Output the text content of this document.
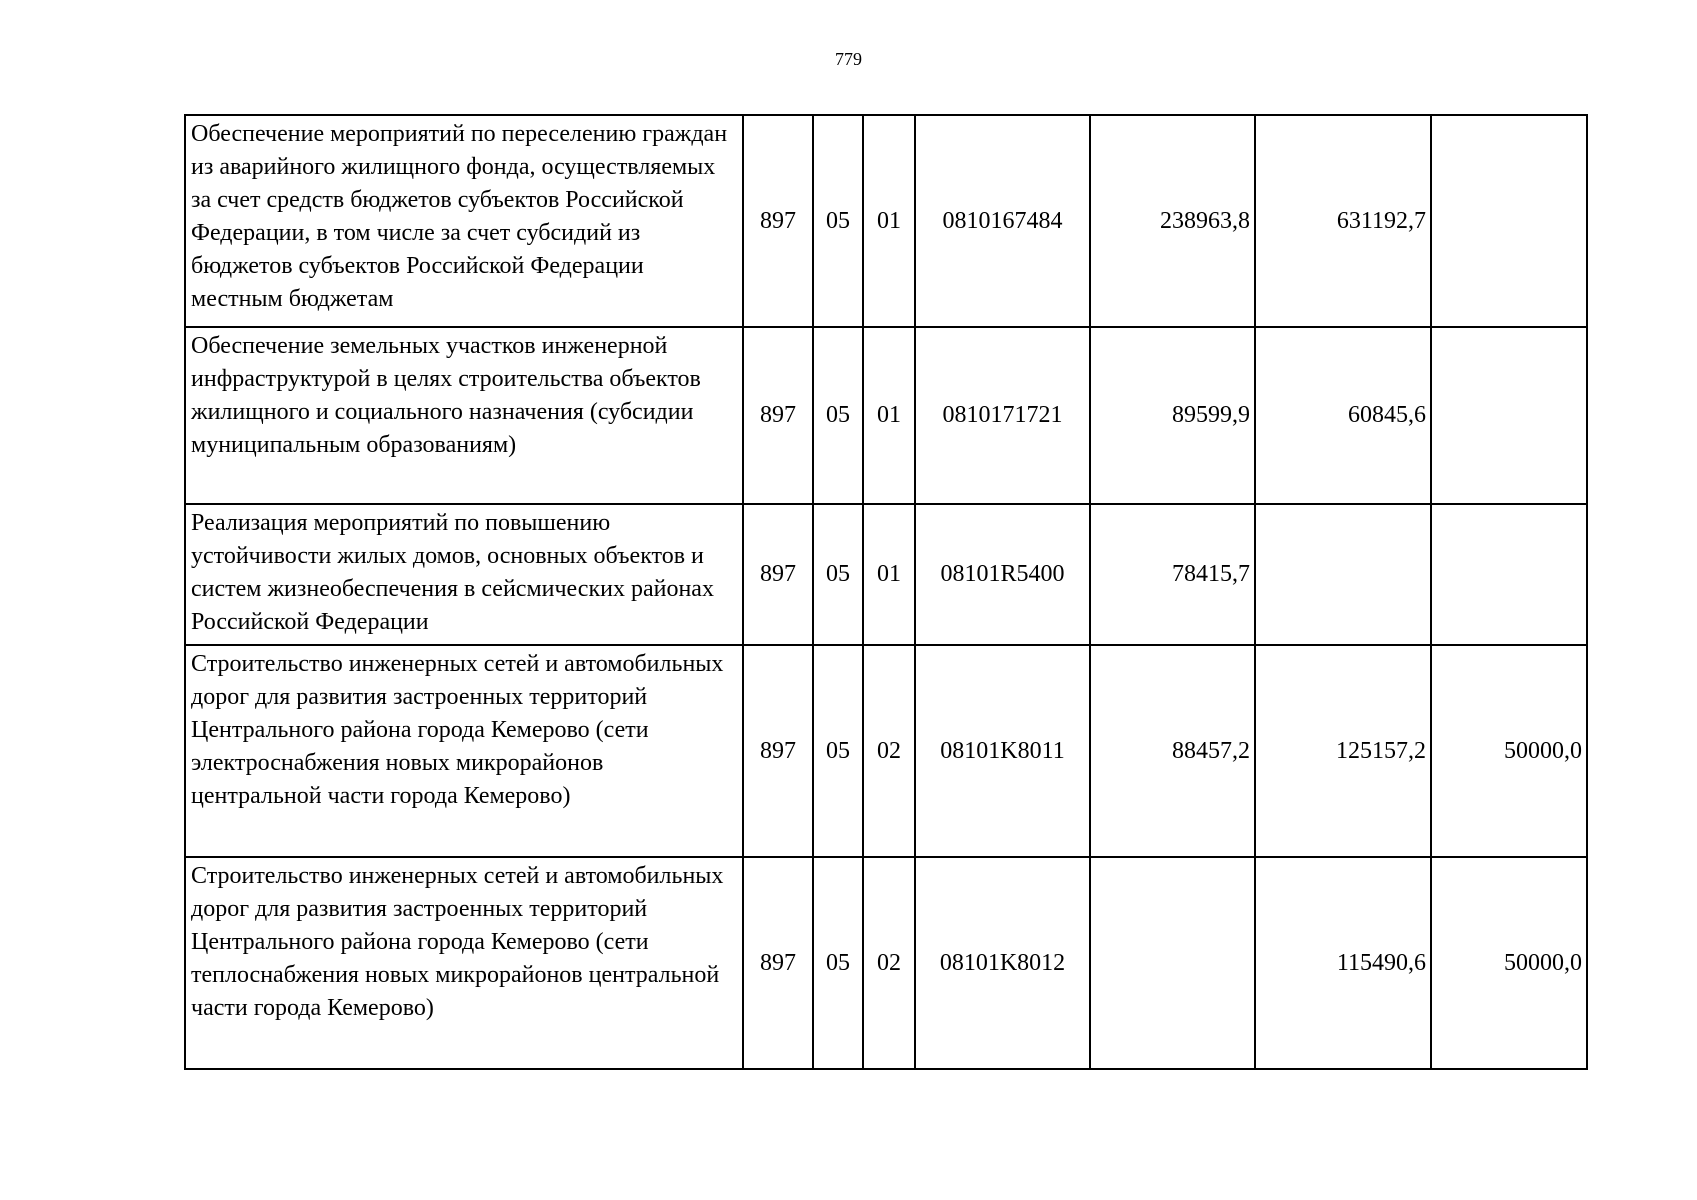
779
Обеспечение мероприятий по переселению граждан из аварийного жилищного фонда, осуществляемых за счет средств бюджетов субъектов Российской Федерации, в том числе за счет субсидий из бюджетов субъектов Российской Федерации местным бюджетам	897	05	01	0810167484	238963,8	631192,7	
Обеспечение земельных участков инженерной инфраструктурой в целях строительства объектов жилищного и социального назначения (субсидии муниципальным образованиям)	897	05	01	0810171721	89599,9	60845,6	
Реализация мероприятий по повышению устойчивости жилых домов, основных объектов и систем жизнеобеспечения в сейсмических районах Российской Федерации	897	05	01	08101R5400	78415,7		
Строительство инженерных сетей и автомобильных дорог для развития застроенных территорий Центрального района города Кемерово (сети электроснабжения новых микрорайонов центральной части города Кемерово)	897	05	02	08101K8011	88457,2	125157,2	50000,0
Строительство инженерных сетей и автомобильных дорог для развития застроенных территорий Центрального района города Кемерово (сети теплоснабжения новых микрорайонов центральной части города Кемерово)	897	05	02	08101K8012		115490,6	50000,0
